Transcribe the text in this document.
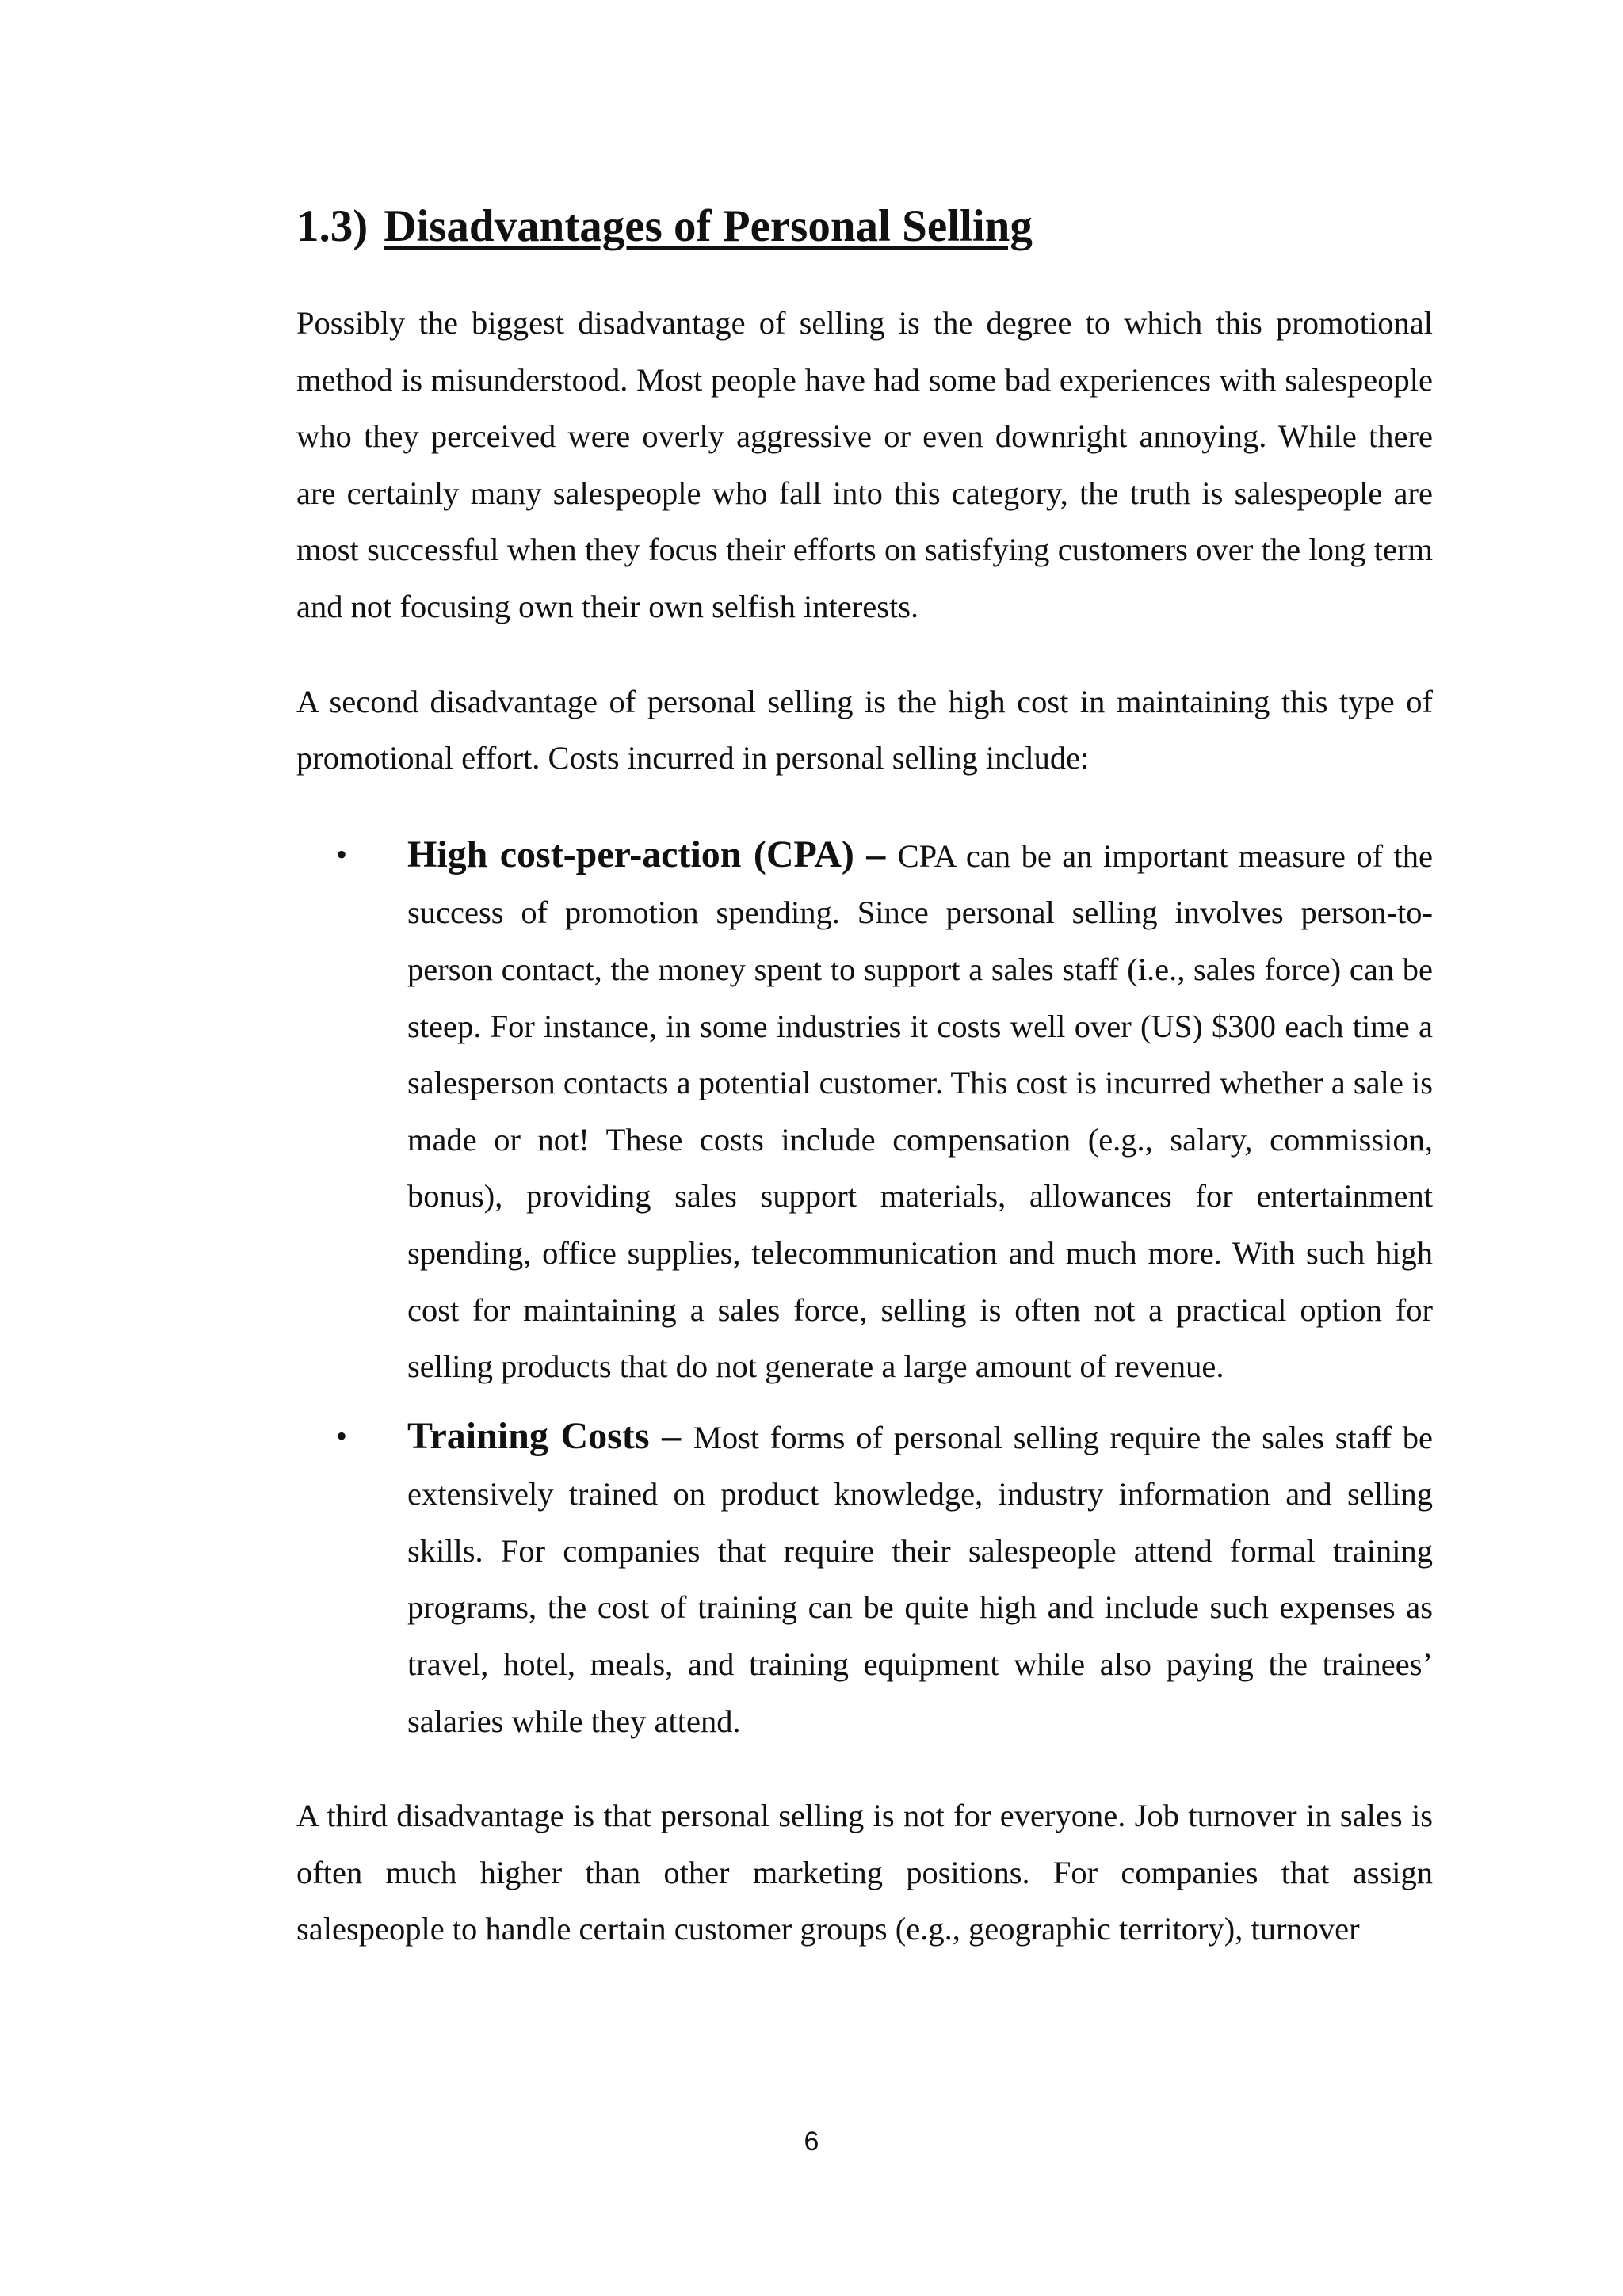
1.3) Disadvantages of Personal Selling

Possibly the biggest disadvantage of selling is the degree to which this promotional method is misunderstood. Most people have had some bad experiences with salespeople who they perceived were overly aggressive or even downright annoying. While there are certainly many salespeople who fall into this category, the truth is salespeople are most successful when they focus their efforts on satisfying customers over the long term and not focusing own their own selfish interests.

A second disadvantage of personal selling is the high cost in maintaining this type of promotional effort. Costs incurred in personal selling include:

• High cost-per-action (CPA) – CPA can be an important measure of the success of promotion spending. Since personal selling involves person-to-person contact, the money spent to support a sales staff (i.e., sales force) can be steep. For instance, in some industries it costs well over (US) $300 each time a salesperson contacts a potential customer. This cost is incurred whether a sale is made or not! These costs include compensation (e.g., salary, commission, bonus), providing sales support materials, allowances for entertainment spending, office supplies, telecommunication and much more. With such high cost for maintaining a sales force, selling is often not a practical option for selling products that do not generate a large amount of revenue.
• Training Costs – Most forms of personal selling require the sales staff be extensively trained on product knowledge, industry information and selling skills. For companies that require their salespeople attend formal training programs, the cost of training can be quite high and include such expenses as travel, hotel, meals, and training equipment while also paying the trainees’ salaries while they attend.

A third disadvantage is that personal selling is not for everyone. Job turnover in sales is often much higher than other marketing positions. For companies that assign salespeople to handle certain customer groups (e.g., geographic territory), turnover

6
